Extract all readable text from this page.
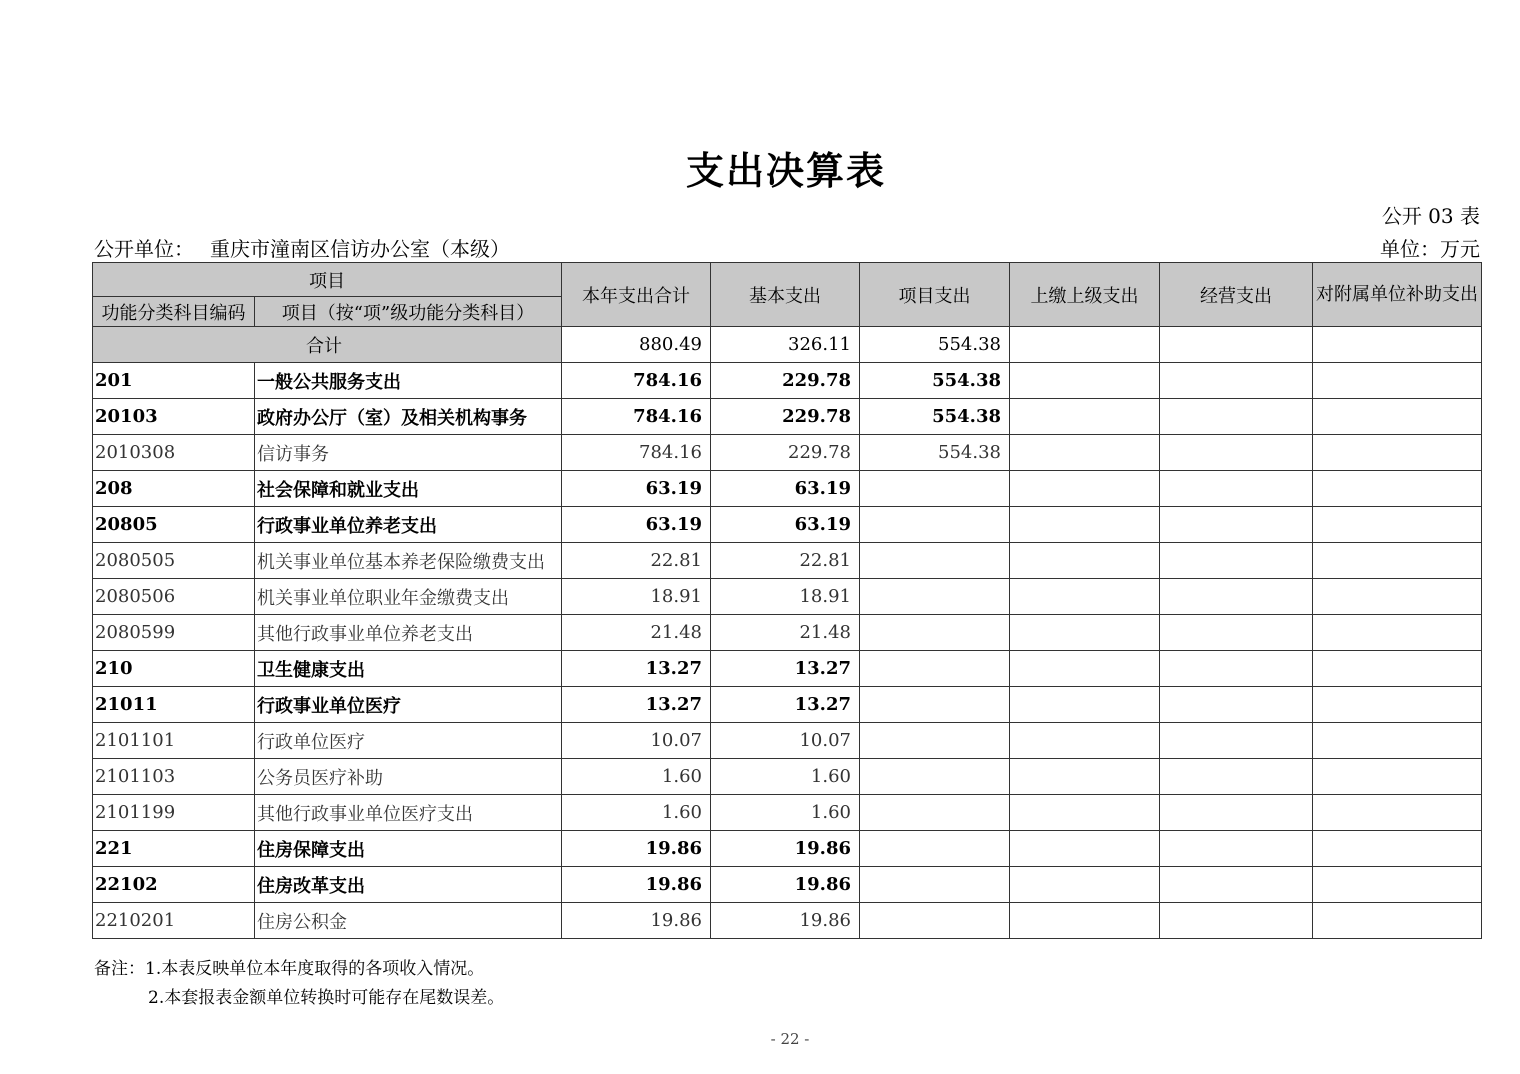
支出决算表
公开 03 表
公开单位： 重庆市潼南区信访办公室（本级）	单位：万元
项目		本年支出合计	基本支出	项目支出	上缴上级支出	经营支出	对附属单位补助支出
功能分类科目编码	项目（按“项”级功能分类科目）						
合计		880.49	326.11	554.38			
201	一般公共服务支出	784.16	229.78	554.38			
20103	政府办公厅（室）及相关机构事务	784.16	229.78	554.38			
2010308	信访事务	784.16	229.78	554.38			
208	社会保障和就业支出	63.19	63.19				
20805	行政事业单位养老支出	63.19	63.19				
2080505	机关事业单位基本养老保险缴费支出	22.81	22.81				
2080506	机关事业单位职业年金缴费支出	18.91	18.91				
2080599	其他行政事业单位养老支出	21.48	21.48				
210	卫生健康支出	13.27	13.27				
21011	行政事业单位医疗	13.27	13.27				
2101101	行政单位医疗	10.07	10.07				
2101103	公务员医疗补助	1.60	1.60				
2101199	其他行政事业单位医疗支出	1.60	1.60				
221	住房保障支出	19.86	19.86				
22102	住房改革支出	19.86	19.86				
2210201	住房公积金	19.86	19.86				
备注：1.本表反映单位本年度取得的各项收入情况。
2.本套报表金额单位转换时可能存在尾数误差。
- 22 -
